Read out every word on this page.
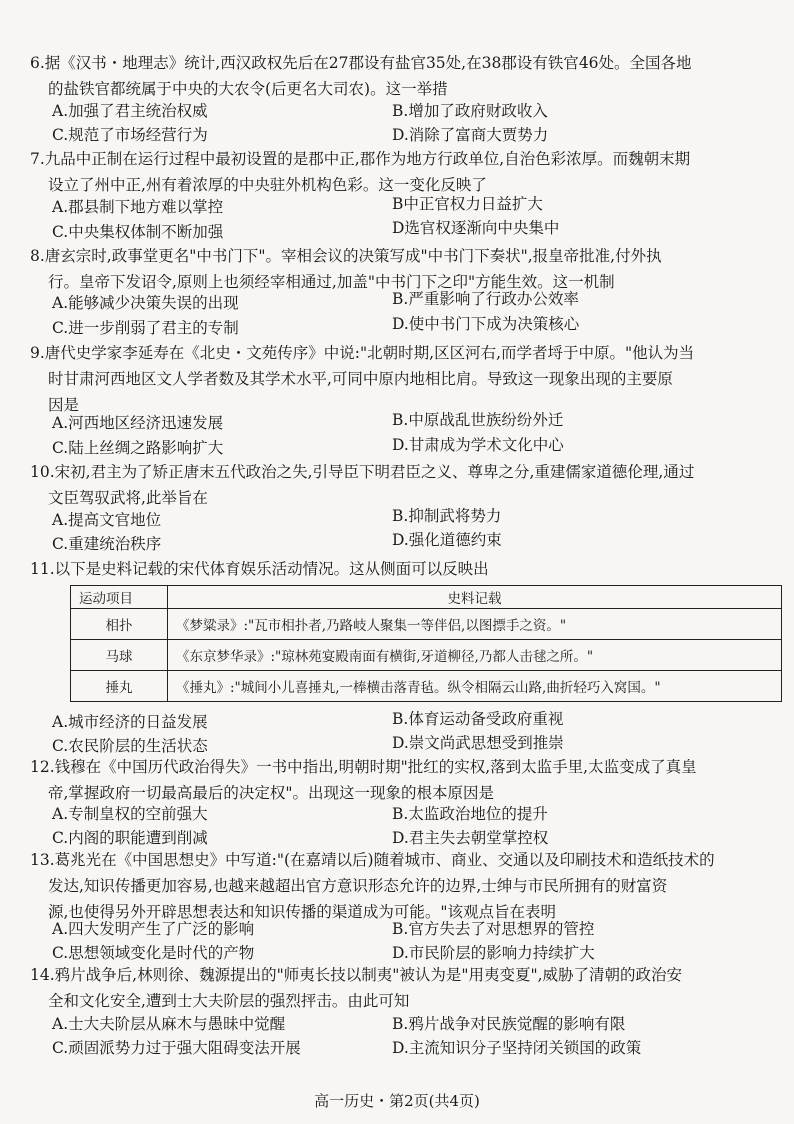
6.据《汉书・地理志》统计,西汉政权先后在27郡设有盐官35处,在38郡设有铁官46处。全国各地
的盐铁官都统属于中央的大农令(后更名大司农)。这一举措
A.加强了君主统治权威	B.增加了政府财政收入
C.规范了市场经营行为	D.消除了富商大贾势力
7.九品中正制在运行过程中最初设置的是郡中正,郡作为地方行政单位,自治色彩浓厚。而魏朝末期
设立了州中正,州有着浓厚的中央驻外机构色彩。这一变化反映了
A.郡县制下地方难以掌控	B中正官权力日益扩大
C.中央集权体制不断加强	D选官权逐渐向中央集中
8.唐玄宗时,政事堂更名"中书门下"。宰相会议的决策写成"中书门下奏状",报皇帝批准,付外执
行。皇帝下发诏令,原则上也须经宰相通过,加盖"中书门下之印"方能生效。这一机制
A.能够减少决策失误的出现	B.严重影响了行政办公效率
C.进一步削弱了君主的专制	D.使中书门下成为决策核心
9.唐代史学家李延寿在《北史・文苑传序》中说:"北朝时期,区区河右,而学者埒于中原。"他认为当
时甘肃河西地区文人学者数及其学术水平,可同中原内地相比肩。导致这一现象出现的主要原
因是
A.河西地区经济迅速发展	B.中原战乱世族纷纷外迁
C.陆上丝绸之路影响扩大	D.甘肃成为学术文化中心
10.宋初,君主为了矫正唐末五代政治之失,引导臣下明君臣之义、尊卑之分,重建儒家道德伦理,通过
文臣驾驭武将,此举旨在
A.提高文官地位	B.抑制武将势力
C.重建统治秩序	D.强化道德约束
11.以下是史料记载的宋代体育娱乐活动情况。这从侧面可以反映出
运动项目	史料记载
相扑	《梦粱录》:"瓦市相扑者,乃路岐人聚集一等伴侣,以图摽手之资。"
马球	《东京梦华录》:"琼林苑宴殿南面有横街,牙道柳径,乃都人击毬之所。"
捶丸	《捶丸》:"城间小儿喜捶丸,一棒横击落青毡。纵令相隔云山路,曲折轻巧入窝国。"
A.城市经济的日益发展	B.体育运动备受政府重视
C.农民阶层的生活状态	D.崇文尚武思想受到推崇
12.钱穆在《中国历代政治得失》一书中指出,明朝时期"批红的实权,落到太监手里,太监变成了真皇
帝,掌握政府一切最高最后的决定权"。出现这一现象的根本原因是
A.专制皇权的空前强大	B.太监政治地位的提升
C.内阁的职能遭到削减	D.君主失去朝堂掌控权
13.葛兆光在《中国思想史》中写道:"(在嘉靖以后)随着城市、商业、交通以及印刷技术和造纸技术的
发达,知识传播更加容易,也越来越超出官方意识形态允许的边界,士绅与市民所拥有的财富资
源,也使得另外开辟思想表达和知识传播的渠道成为可能。"该观点旨在表明
A.四大发明产生了广泛的影响	B.官方失去了对思想界的管控
C.思想领域变化是时代的产物	D.市民阶层的影响力持续扩大
14.鸦片战争后,林则徐、魏源提出的"师夷长技以制夷"被认为是"用夷变夏",威胁了清朝的政治安
全和文化安全,遭到士大夫阶层的强烈抨击。由此可知
A.士大夫阶层从麻木与愚昧中觉醒	B.鸦片战争对民族觉醒的影响有限
C.顽固派势力过于强大阻碍变法开展	D.主流知识分子坚持闭关锁国的政策
高一历史・第2页(共4页)
